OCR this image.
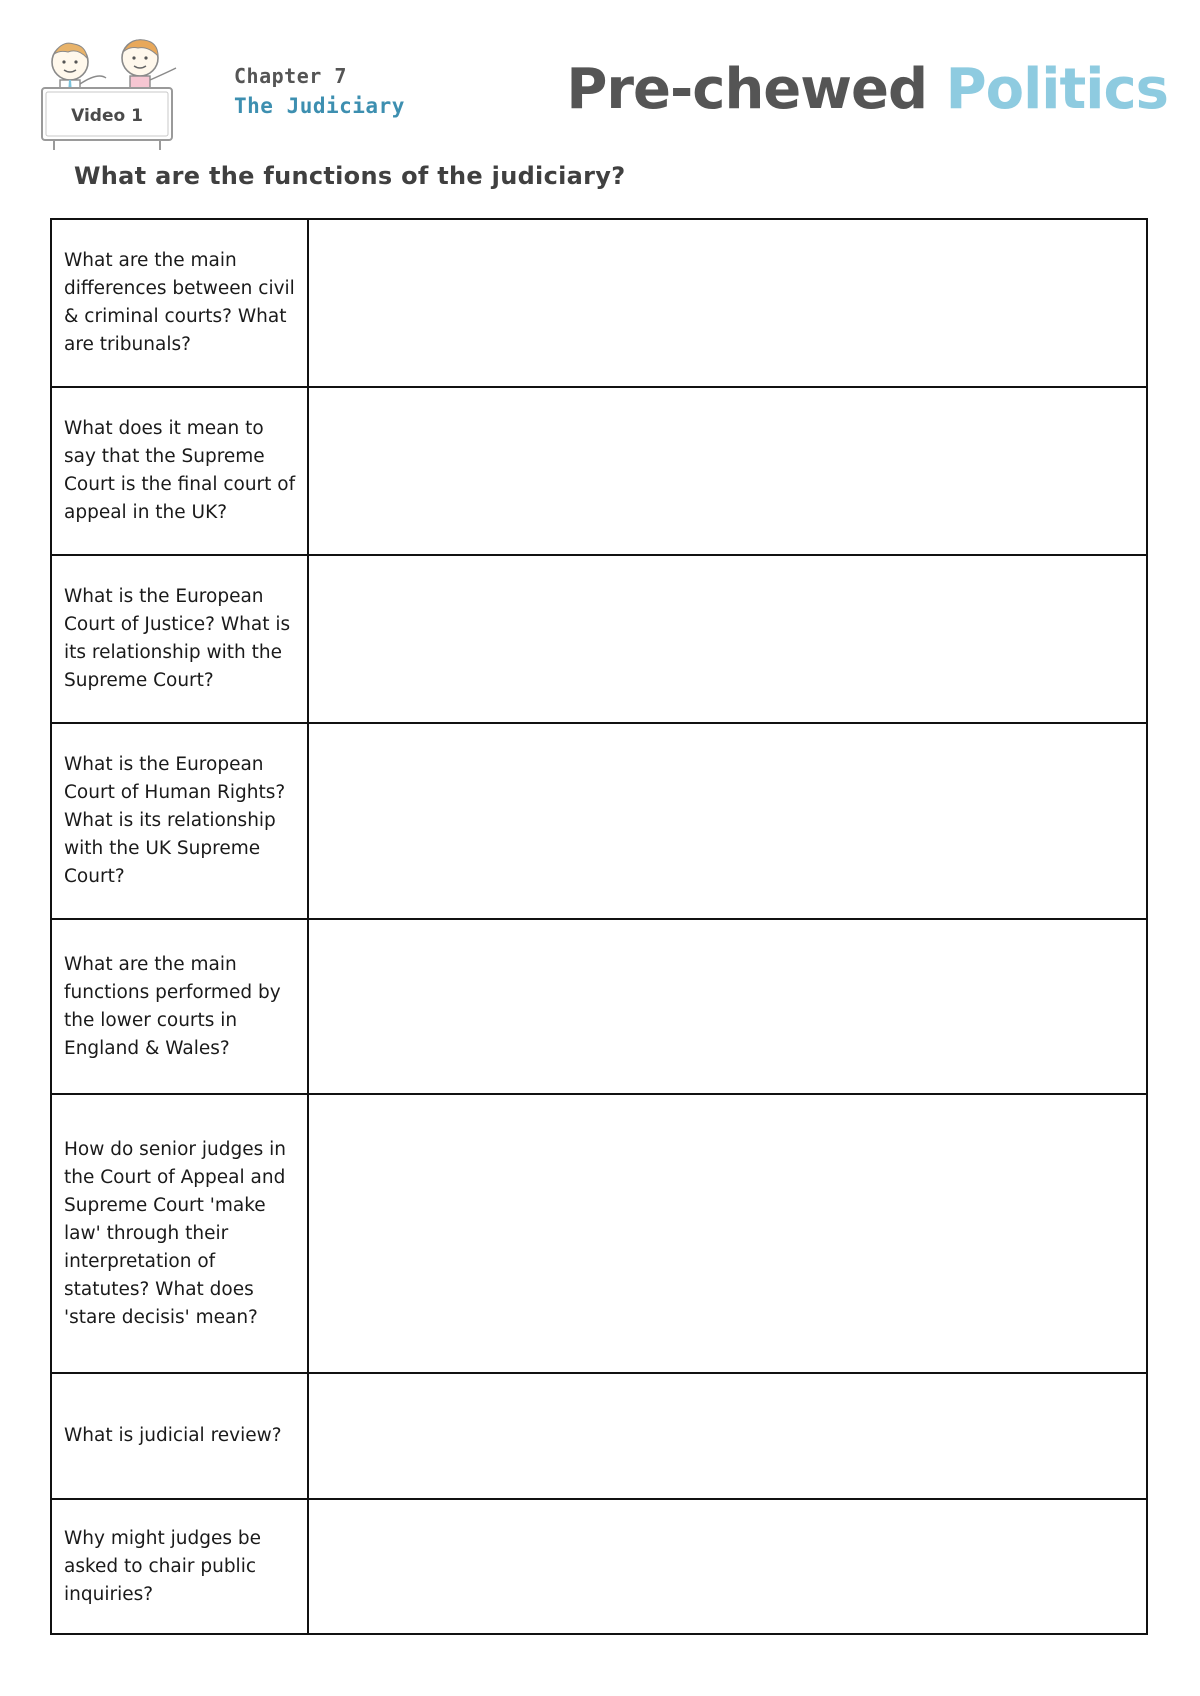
Video 1
Chapter 7
The Judiciary	Pre-chewed Politics
What are the functions of the judiciary?
What are the main differences between civil & criminal courts? What are tribunals?	
What does it mean to say that the Supreme Court is the final court of appeal in the UK?	
What is the European Court of Justice? What is its relationship with the Supreme Court?	
What is the European Court of Human Rights? What is its relationship with the UK Supreme Court?	
What are the main functions performed by the lower courts in England & Wales?	
How do senior judges in the Court of Appeal and Supreme Court 'make law' through their interpretation of statutes? What does 'stare decisis' mean?	
What is judicial review?	
Why might judges be asked to chair public inquiries?	
